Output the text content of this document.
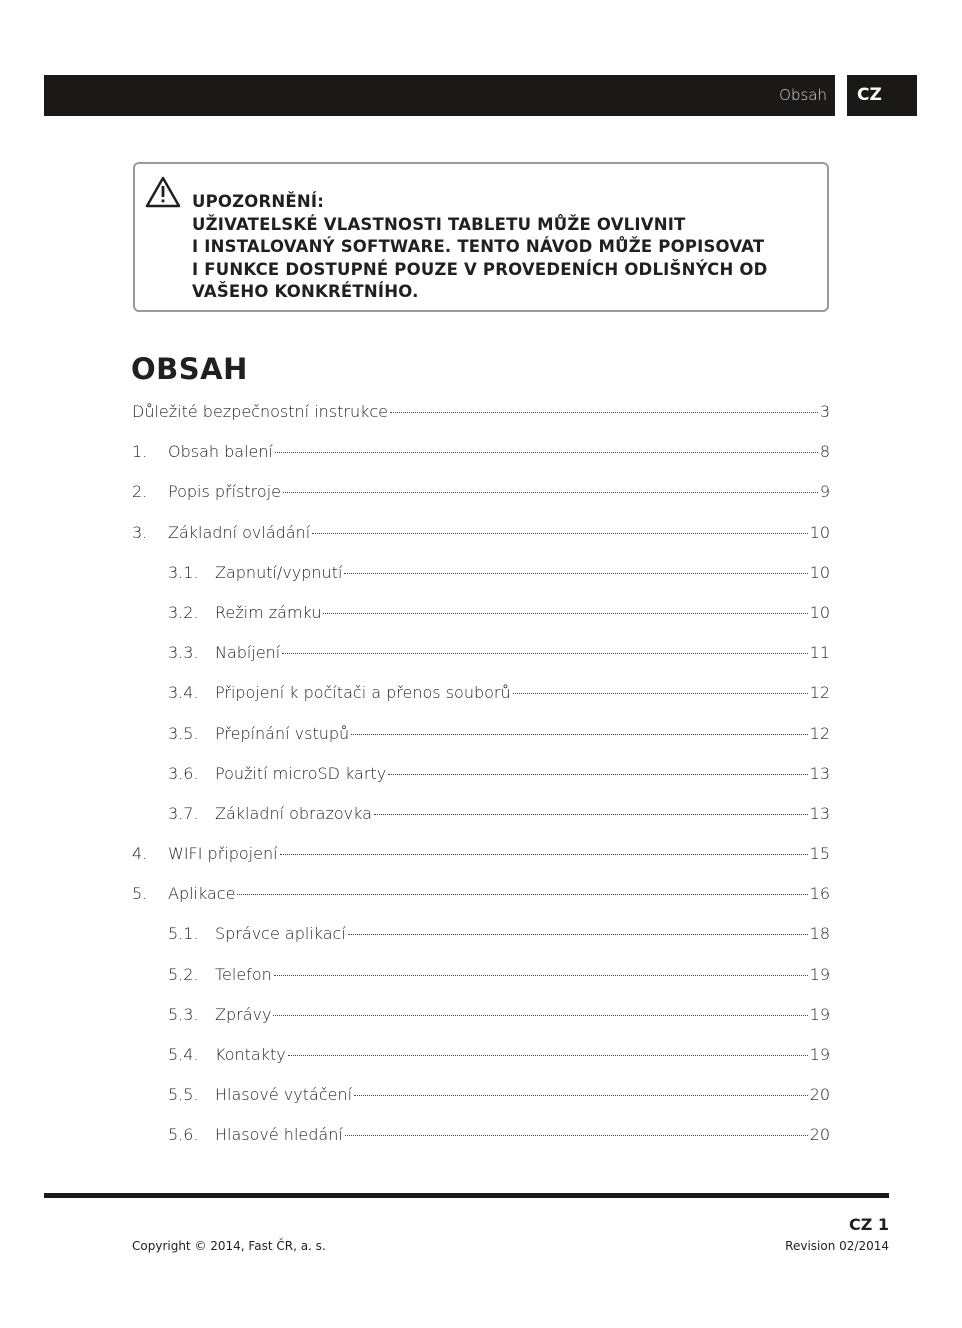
Obsah	CZ
UPOZORNĚNÍ:
UŽIVATELSKÉ VLASTNOSTI TABLETU MŮŽE OVLIVNIT
I INSTALOVANÝ SOFTWARE. TENTO NÁVOD MŮŽE POPISOVAT
I FUNKCE DOSTUPNÉ POUZE V PROVEDENÍCH ODLIŠNÝCH OD
VAŠEHO KONKRÉTNÍHO.
OBSAH
Důležité bezpečnostní instrukce	3
1.	Obsah balení	8
2.	Popis přístroje	9
3.	Základní ovládání	10
3.1.	Zapnutí/vypnutí	10
3.2.	Režim zámku	10
3.3.	Nabíjení	11
3.4.	Připojení k počítači a přenos souborů	12
3.5.	Přepínání vstupů	12
3.6.	Použití microSD karty	13
3.7.	Základní obrazovka	13
4.	WIFI připojení	15
5.	Aplikace	16
5.1.	Správce aplikací	18
5.2.	Telefon	19
5.3.	Zprávy	19
5.4.	Kontakty	19
5.5.	Hlasové vytáčení	20
5.6.	Hlasové hledání	20
CZ 1
Copyright © 2014, Fast ČR, a. s.	Revision 02/2014
